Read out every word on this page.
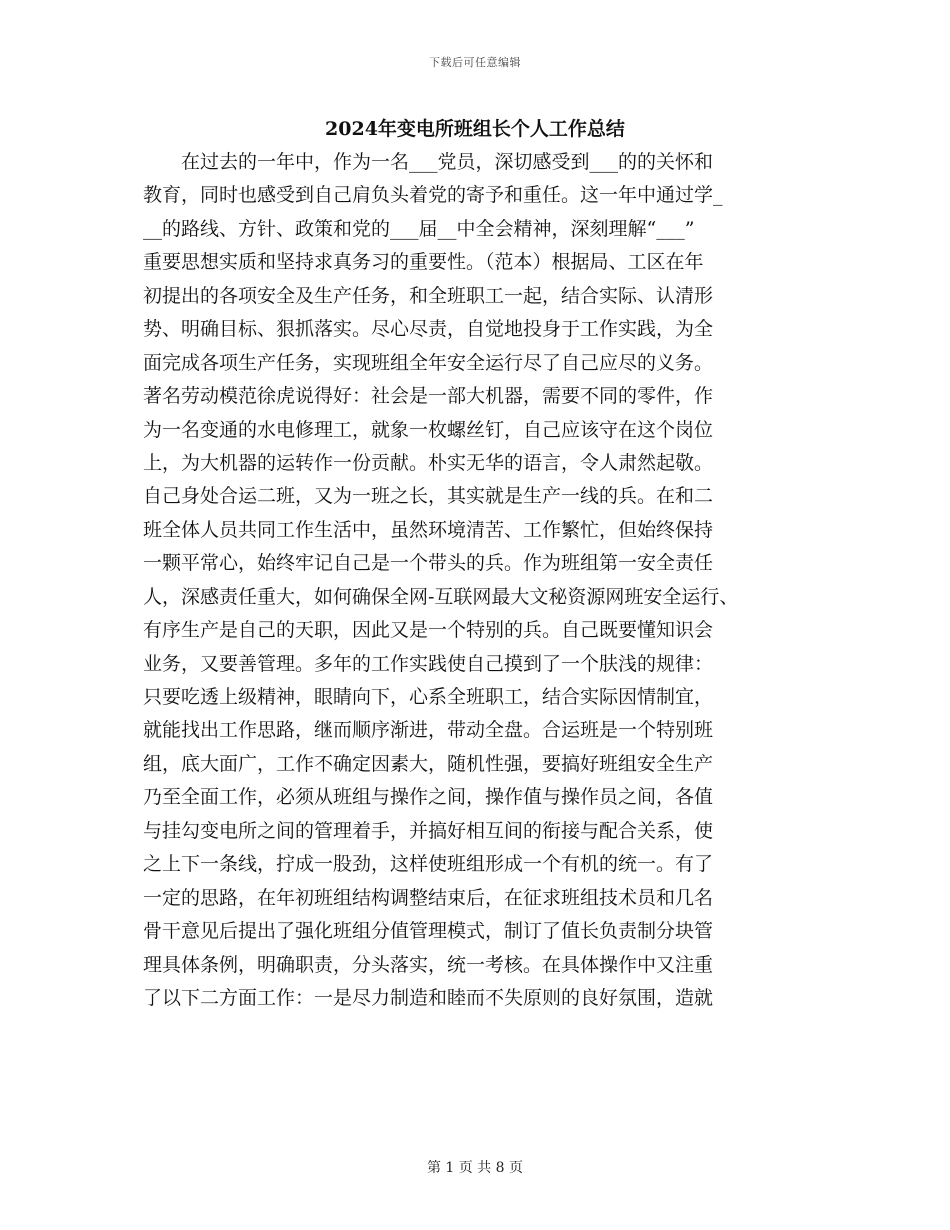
下载后可任意编辑
2024年变电所班组长个人工作总结
　　在过去的一年中，作为一名___党员，深切感受到___的的关怀和
教育，同时也感受到自己肩负头着党的寄予和重任。这一年中通过学_
__的路线、方针、政策和党的___届__中全会精神，深刻理解“___”
重要思想实质和坚持求真务习的重要性。（范本）根据局、工区在年
初提出的各项安全及生产任务，和全班职工一起，结合实际、认清形
势、明确目标、狠抓落实。尽心尽责，自觉地投身于工作实践，为全
面完成各项生产任务，实现班组全年安全运行尽了自己应尽的义务。
著名劳动模范徐虎说得好：社会是一部大机器，需要不同的零件，作
为一名变通的水电修理工，就象一枚螺丝钉，自己应该守在这个岗位
上，为大机器的运转作一份贡献。朴实无华的语言，令人肃然起敬。
自己身处合运二班，又为一班之长，其实就是生产一线的兵。在和二
班全体人员共同工作生活中，虽然环境清苦、工作繁忙，但始终保持
一颗平常心，始终牢记自己是一个带头的兵。作为班组第一安全责任
人，深感责任重大，如何确保全网-互联网最大文秘资源网班安全运行、
有序生产是自己的天职，因此又是一个特别的兵。自己既要懂知识会
业务，又要善管理。多年的工作实践使自己摸到了一个肤浅的规律：
只要吃透上级精神，眼睛向下，心系全班职工，结合实际因情制宜，
就能找出工作思路，继而顺序渐进，带动全盘。合运班是一个特别班
组，底大面广，工作不确定因素大，随机性强，要搞好班组安全生产
乃至全面工作，必须从班组与操作之间，操作值与操作员之间，各值
与挂勾变电所之间的管理着手，并搞好相互间的衔接与配合关系，使
之上下一条线，拧成一股劲，这样使班组形成一个有机的统一。有了
一定的思路，在年初班组结构调整结束后，在征求班组技术员和几名
骨干意见后提出了强化班组分值管理模式，制订了值长负责制分块管
理具体条例，明确职责，分头落实，统一考核。在具体操作中又注重
了以下二方面工作：一是尽力制造和睦而不失原则的良好氛围，造就
第 1 页 共 8 页
